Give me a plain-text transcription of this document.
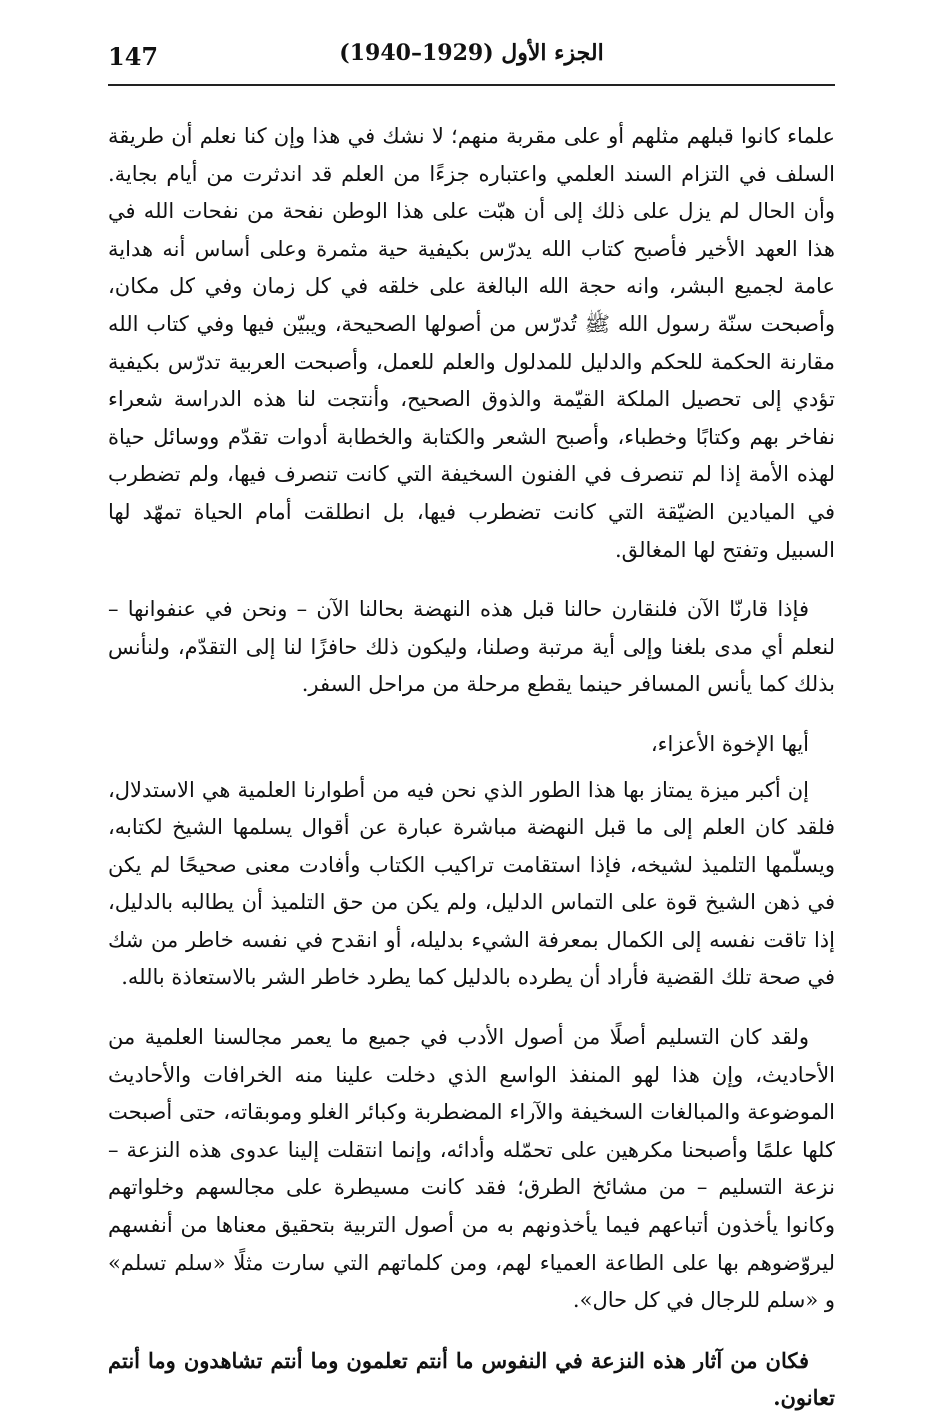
147	الجزء الأول (1929–1940)

علماء كانوا قبلهم مثلهم أو على مقربة منهم؛ لا نشك في هذا وإن كنا نعلم أن طريقة السلف في التزام السند العلمي واعتباره جزءًا من العلم قد اندثرت من أيام بجاية. وأن الحال لم يزل على ذلك إلى أن هبّت على هذا الوطن نفحة من نفحات الله في هذا العهد الأخير فأصبح كتاب الله يدرّس بكيفية حية مثمرة وعلى أساس أنه هداية عامة لجميع البشر، وانه حجة الله البالغة على خلقه في كل زمان وفي كل مكان، وأصبحت سنّة رسول الله ﷺ تُدرّس من أصولها الصحيحة، ويبيّن فيها وفي كتاب الله مقارنة الحكمة للحكم والدليل للمدلول والعلم للعمل، وأصبحت العربية تدرّس بكيفية تؤدي إلى تحصيل الملكة القيّمة والذوق الصحيح، وأنتجت لنا هذه الدراسة شعراء نفاخر بهم وكتابًا وخطباء، وأصبح الشعر والكتابة والخطابة أدوات تقدّم ووسائل حياة لهذه الأمة إذا لم تنصرف في الفنون السخيفة التي كانت تنصرف فيها، ولم تضطرب في الميادين الضيّقة التي كانت تضطرب فيها، بل انطلقت أمام الحياة تمهّد لها السبيل وتفتح لها المغالق.

فإذا قارنّا الآن فلنقارن حالنا قبل هذه النهضة بحالنا الآن – ونحن في عنفوانها – لنعلم أي مدى بلغنا وإلى أية مرتبة وصلنا، وليكون ذلك حافزًا لنا إلى التقدّم، ولنأنس بذلك كما يأنس المسافر حينما يقطع مرحلة من مراحل السفر.

أيها الإخوة الأعزاء،

إن أكبر ميزة يمتاز بها هذا الطور الذي نحن فيه من أطوارنا العلمية هي الاستدلال، فلقد كان العلم إلى ما قبل النهضة مباشرة عبارة عن أقوال يسلمها الشيخ لكتابه، ويسلّمها التلميذ لشيخه، فإذا استقامت تراكيب الكتاب وأفادت معنى صحيحًا لم يكن في ذهن الشيخ قوة على التماس الدليل، ولم يكن من حق التلميذ أن يطالبه بالدليل، إذا تاقت نفسه إلى الكمال بمعرفة الشيء بدليله، أو انقدح في نفسه خاطر من شك في صحة تلك القضية فأراد أن يطرده بالدليل كما يطرد خاطر الشر بالاستعاذة بالله.

ولقد كان التسليم أصلًا من أصول الأدب في جميع ما يعمر مجالسنا العلمية من الأحاديث، وإن هذا لهو المنفذ الواسع الذي دخلت علينا منه الخرافات والأحاديث الموضوعة والمبالغات السخيفة والآراء المضطربة وكبائر الغلو وموبقاته، حتى أصبحت كلها علمًا وأصبحنا مكرهين على تحمّله وأدائه، وإنما انتقلت إلينا عدوى هذه النزعة – نزعة التسليم – من مشائخ الطرق؛ فقد كانت مسيطرة على مجالسهم وخلواتهم وكانوا يأخذون أتباعهم فيما يأخذونهم به من أصول التربية بتحقيق معناها من أنفسهم ليروّضوهم بها على الطاعة العمياء لهم، ومن كلماتهم التي سارت مثلًا «سلم تسلم» و «سلم للرجال في كل حال».

فكان من آثار هذه النزعة في النفوس ما أنتم تعلمون وما أنتم تشاهدون وما أنتم تعانون.
